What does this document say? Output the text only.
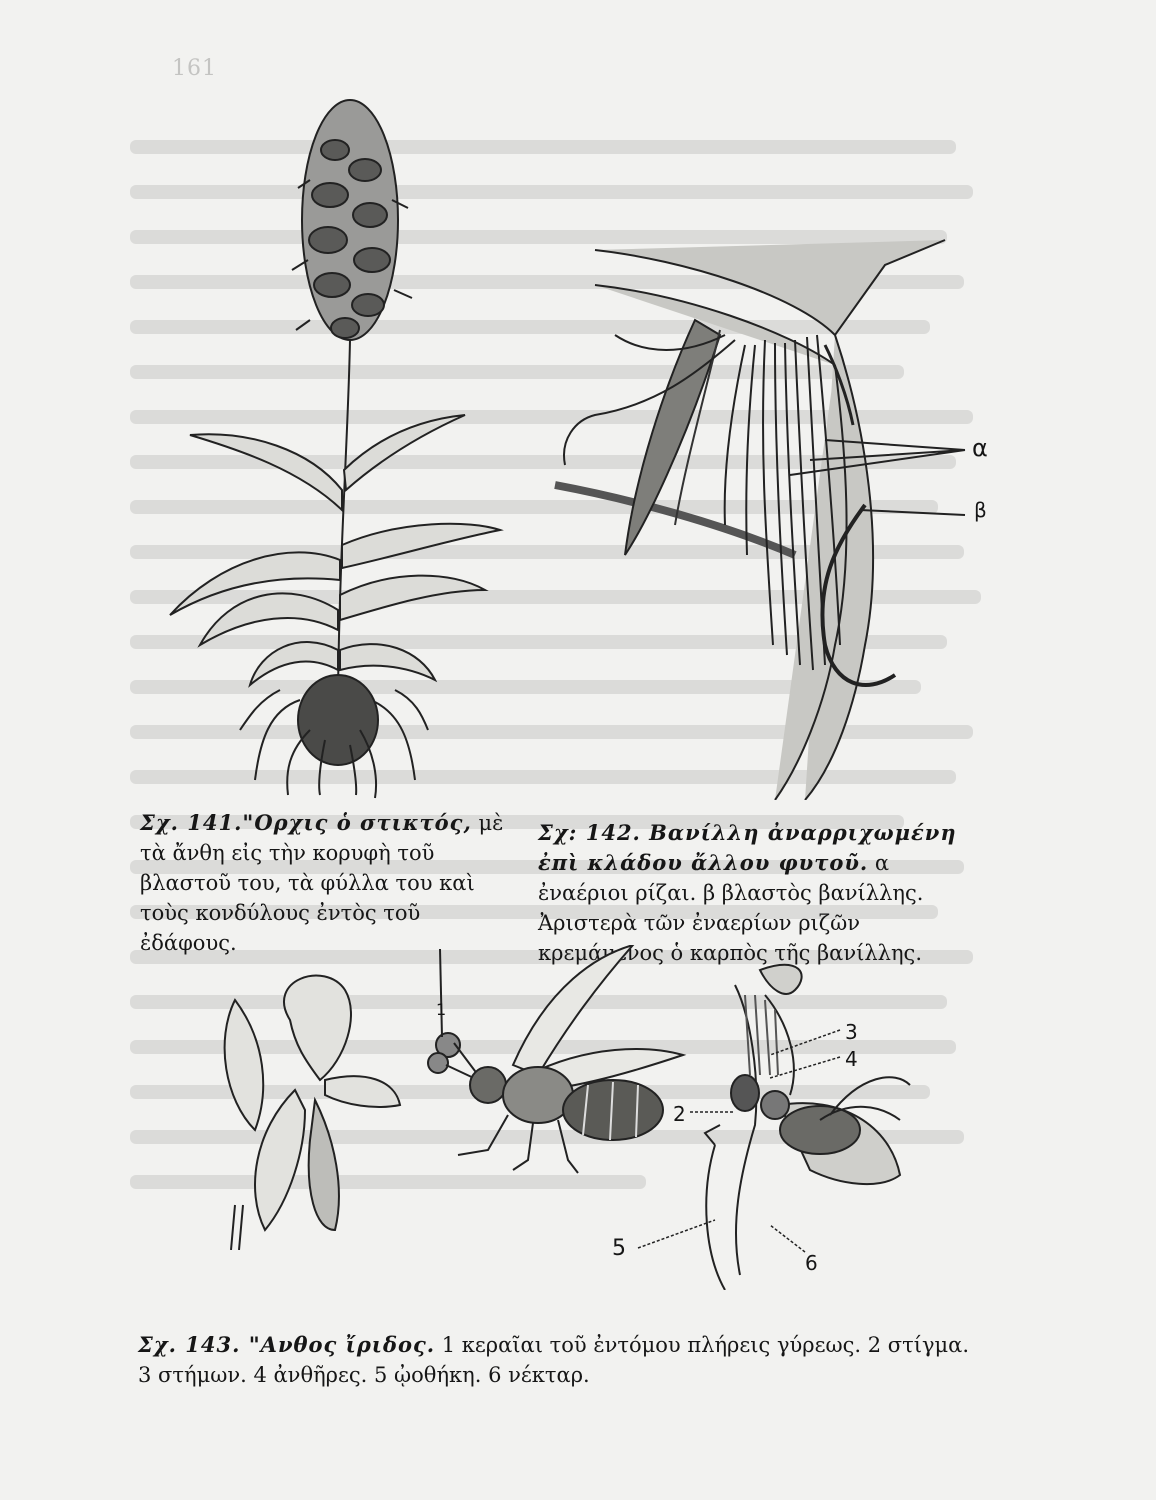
161
α
β
Σχ. 141."Ορχις ὁ στικτός, μὲ τὰ ἄνθη εἰς τὴν κορυφὴ τοῦ βλαστοῦ του, τὰ φύλλα του καὶ τοὺς κονδύλους ἐντὸς τοῦ ἐδάφους.
Σχ: 142. Βανίλλη ἀναρριχωμένη ἐπὶ κλάδου ἄλλου φυτοῦ. α ἐναέριοι ρίζαι. β βλαστὸς βανίλλης. Ἀριστερὰ τῶν ἐναερίων ριζῶν κρεμάμενος ὁ καρπὸς τῆς βανίλλης.
1
3
4
2
5
6
Σχ. 143. "Ανθος ἴριδος. 1 κεραῖαι τοῦ ἐντόμου πλήρεις γύρεως. 2 στίγμα. 3 στήμων. 4 ἀνθῆρες. 5 ᾠοθήκη. 6 νέκταρ.
